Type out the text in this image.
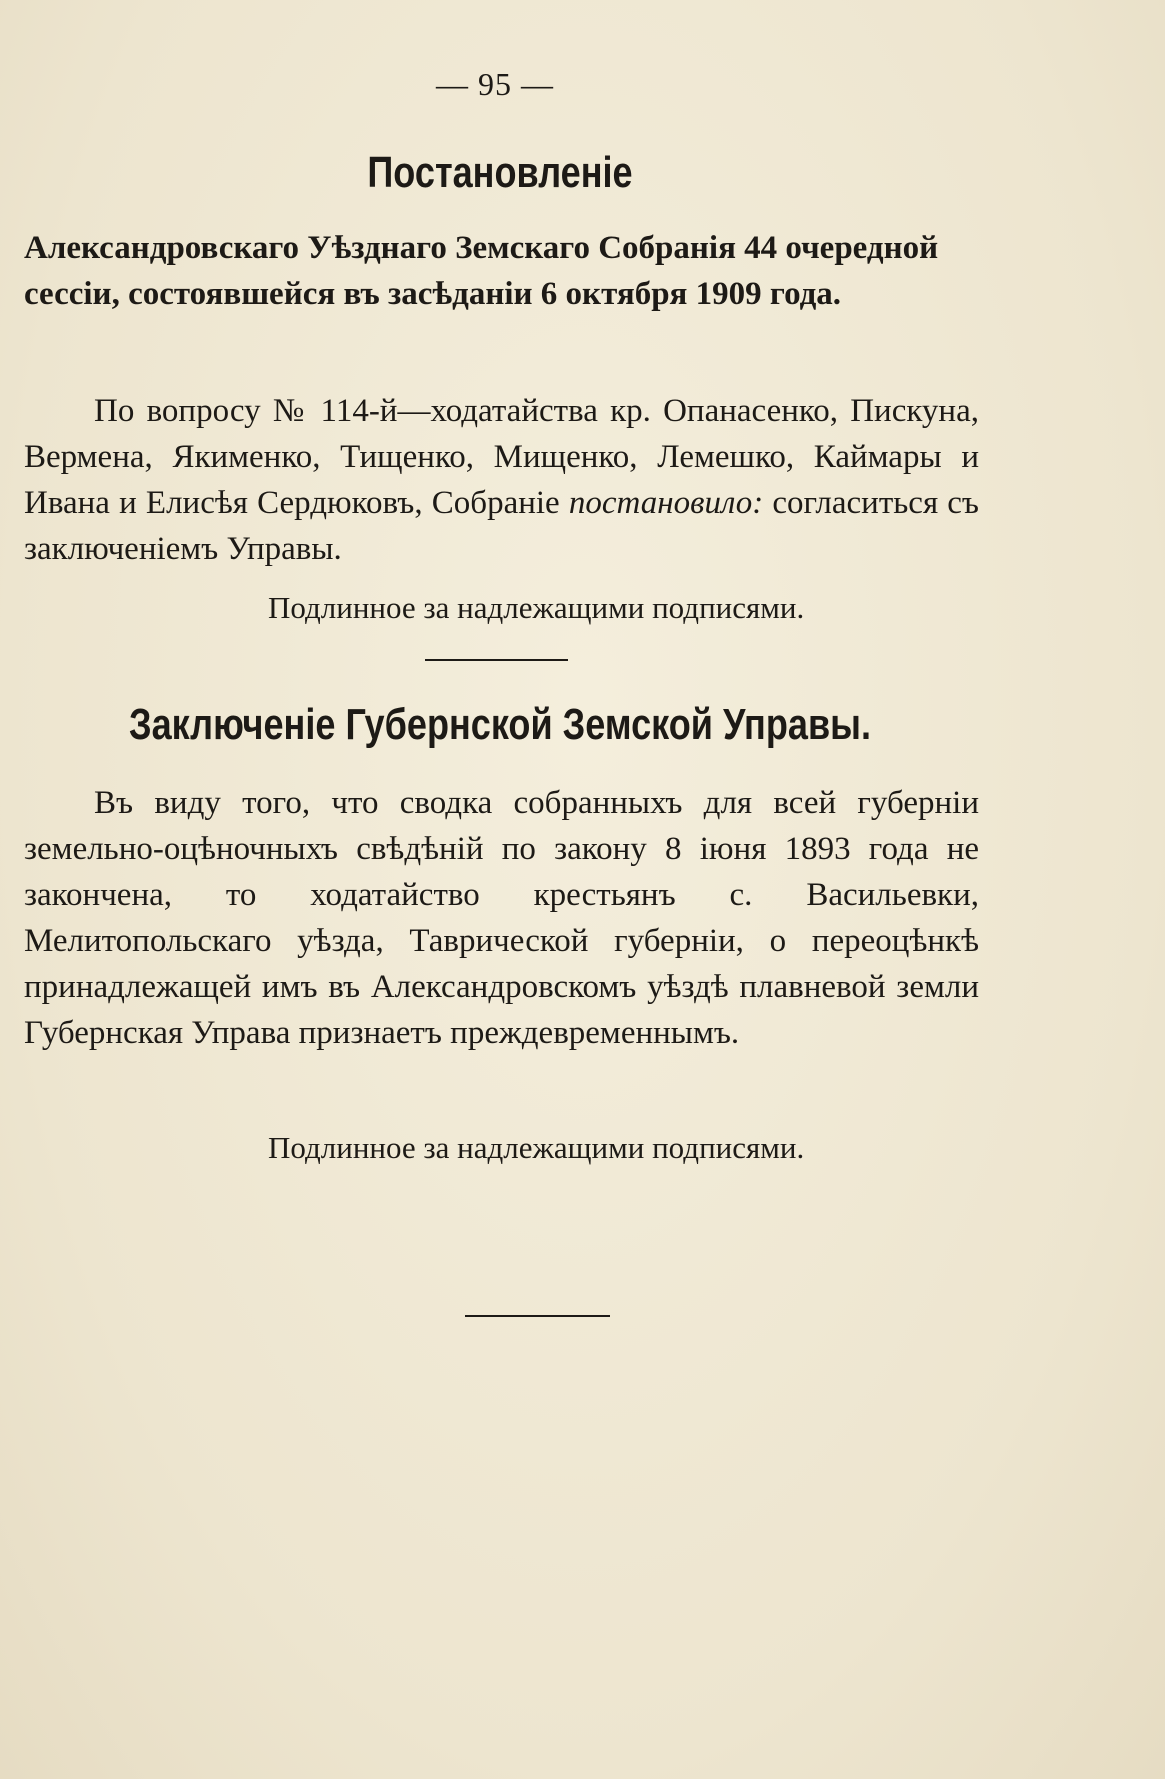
— 95 —
Постановленіе
Александровскаго Уѣзднаго Земскаго Собранія 44 очередной сессіи, состоявшейся въ засѣданіи 6 октября 1909 года.
По вопросу № 114-й—ходатайства кр. Опанасенко, Пискуна, Вермена, Якименко, Тищенко, Мищенко, Лемешко, Каймары и Ивана и Елисѣя Сердюковъ, Собраніе постановило: согласиться съ заключеніемъ Управы.
Подлинное за надлежащими подписями.
Заключеніе Губернской Земской Управы.
Въ виду того, что сводка собранныхъ для всей губерніи земельно-оцѣночныхъ свѣдѣній по закону 8 іюня 1893 года не закончена, то ходатайство крестьянъ с. Васильевки, Мелитопольскаго уѣзда, Таврической губерніи, о переоцѣнкѣ принадлежащей имъ въ Александровскомъ уѣздѣ плавневой земли Губернская Управа признаетъ преждевременнымъ.
Подлинное за надлежащими подписями.
